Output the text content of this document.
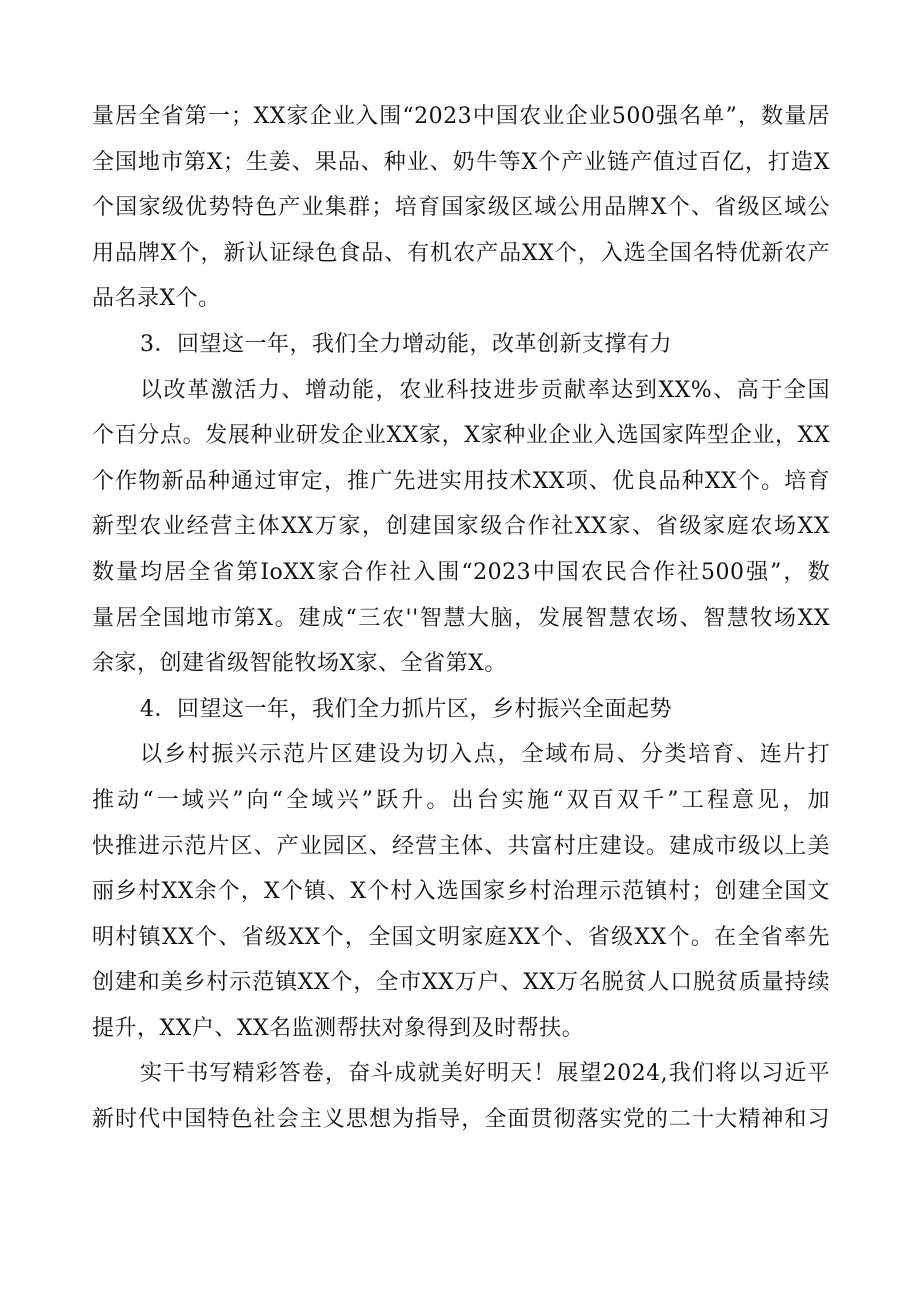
量居全省第一；XX家企业入围“2023中国农业企业500强名单”，数量居
全国地市第X；生姜、果品、种业、奶牛等X个产业链产值过百亿，打造X
个国家级优势特色产业集群；培育国家级区域公用品牌X个、省级区域公
用品牌X个，新认证绿色食品、有机农产品XX个，入选全国名特优新农产
品名录X个。
3．回望这一年，我们全力增动能，改革创新支撑有力
以改革激活力、增动能，农业科技进步贡献率达到XX%、高于全国
个百分点。发展种业研发企业XX家，X家种业企业入选国家阵型企业，XX
个作物新品种通过审定，推广先进实用技术XX项、优良品种XX个。培育
新型农业经营主体XX万家，创建国家级合作社XX家、省级家庭农场XX
数量均居全省第IoXX家合作社入围“2023中国农民合作社500强”，数
量居全国地市第X。建成“三农''智慧大脑，发展智慧农场、智慧牧场XX
余家，创建省级智能牧场X家、全省第X。
4．回望这一年，我们全力抓片区，乡村振兴全面起势
以乡村振兴示范片区建设为切入点，全域布局、分类培育、连片打
推动“一域兴”向“全域兴”跃升。出台实施“双百双千”工程意见，加
快推进示范片区、产业园区、经营主体、共富村庄建设。建成市级以上美
丽乡村XX余个，X个镇、X个村入选国家乡村治理示范镇村；创建全国文
明村镇XX个、省级XX个，全国文明家庭XX个、省级XX个。在全省率先
创建和美乡村示范镇XX个，全市XX万户、XX万名脱贫人口脱贫质量持续
提升，XX户、XX名监测帮扶对象得到及时帮扶。
实干书写精彩答卷，奋斗成就美好明天！展望2024,我们将以习近平
新时代中国特色社会主义思想为指导，全面贯彻落实党的二十大精神和习
